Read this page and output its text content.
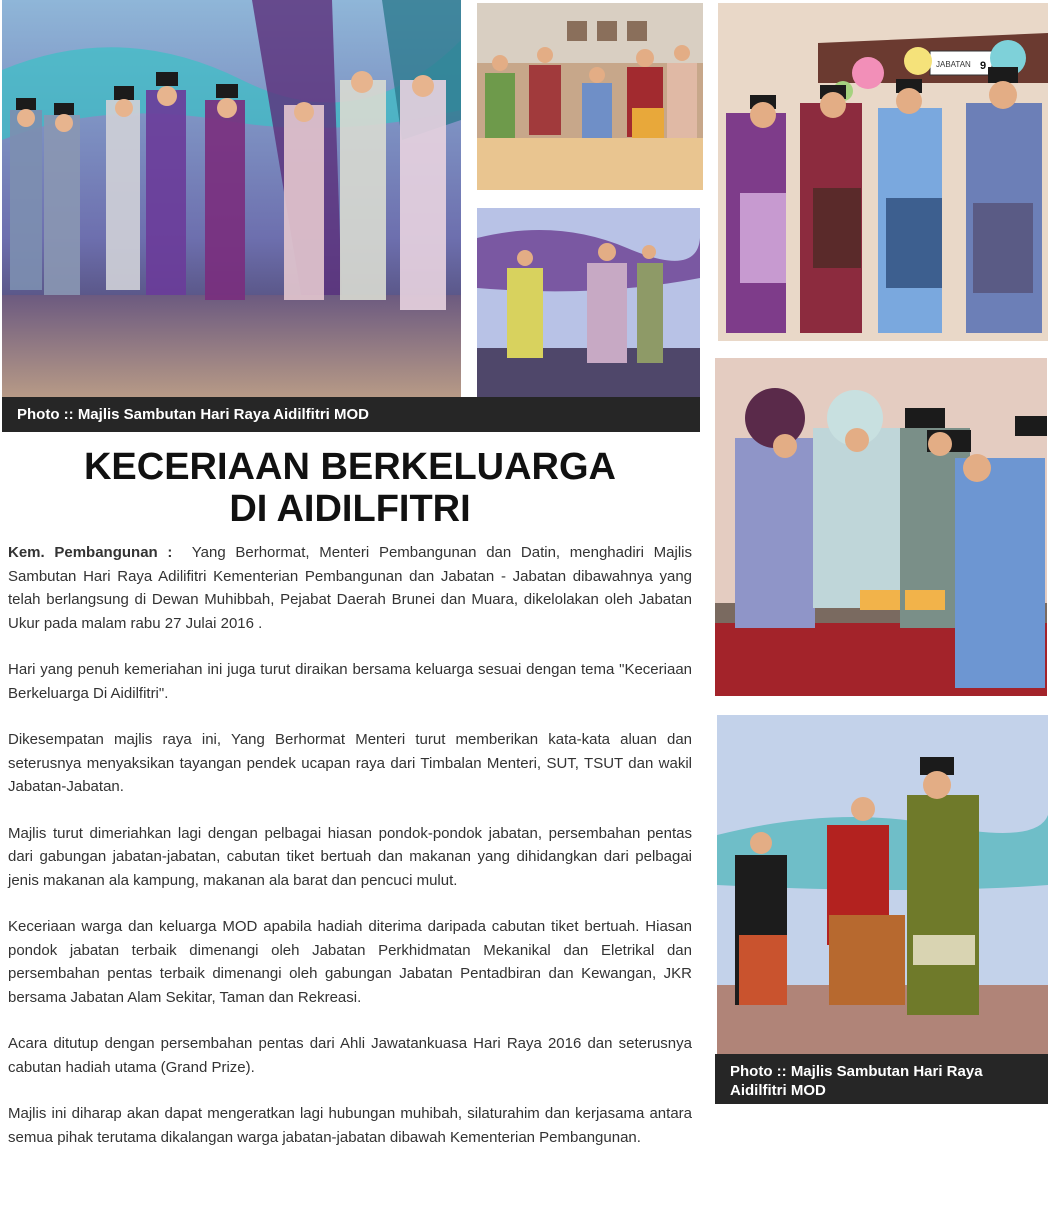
JABATAN 9
Photo :: Majlis Sambutan Hari Raya Aidilfitri MOD
Photo :: Majlis Sambutan Hari Raya
Aidilfitri MOD
KECERIAAN BERKELUARGA
DI AIDILFITRI

Kem. Pembangunan : Yang Berhormat, Menteri Pembangunan dan Datin, menghadiri Majlis Sambutan Hari Raya Adilifitri Kementerian Pembangunan dan Jabatan - Jabatan dibawahnya yang telah berlangsung di Dewan Muhibbah, Pejabat Daerah Brunei dan Muara, dikelolakan oleh Jabatan Ukur pada malam rabu 27 Julai 2016 .

Hari yang penuh kemeriahan ini juga turut diraikan bersama keluarga sesuai dengan tema "Keceriaan Berkeluarga Di Aidilfitri".

Dikesempatan majlis raya ini, Yang Berhormat Menteri turut memberikan kata-kata aluan dan seterusnya menyaksikan tayangan pendek ucapan raya dari Timbalan Menteri, SUT, TSUT dan wakil Jabatan-Jabatan.

Majlis turut dimeriahkan lagi dengan pelbagai hiasan pondok-pondok jabatan, persembahan pentas dari gabungan jabatan-jabatan, cabutan tiket bertuah dan makanan yang dihidangkan dari pelbagai jenis makanan ala kampung, makanan ala barat dan pencuci mulut.

Keceriaan warga dan keluarga MOD apabila hadiah diterima daripada cabutan tiket bertuah. Hiasan pondok jabatan terbaik dimenangi oleh Jabatan Perkhidmatan Mekanikal dan Eletrikal dan persembahan pentas terbaik dimenangi oleh gabungan Jabatan Pentadbiran dan Kewangan, JKR bersama Jabatan Alam Sekitar, Taman dan Rekreasi.

Acara ditutup dengan persembahan pentas dari Ahli Jawatankuasa Hari Raya 2016 dan seterusnya cabutan hadiah utama (Grand Prize).

Majlis ini diharap akan dapat mengeratkan lagi hubungan muhibah, silaturahim dan kerjasama antara semua pihak terutama dikalangan warga jabatan-jabatan dibawah Kementerian Pembangunan.
